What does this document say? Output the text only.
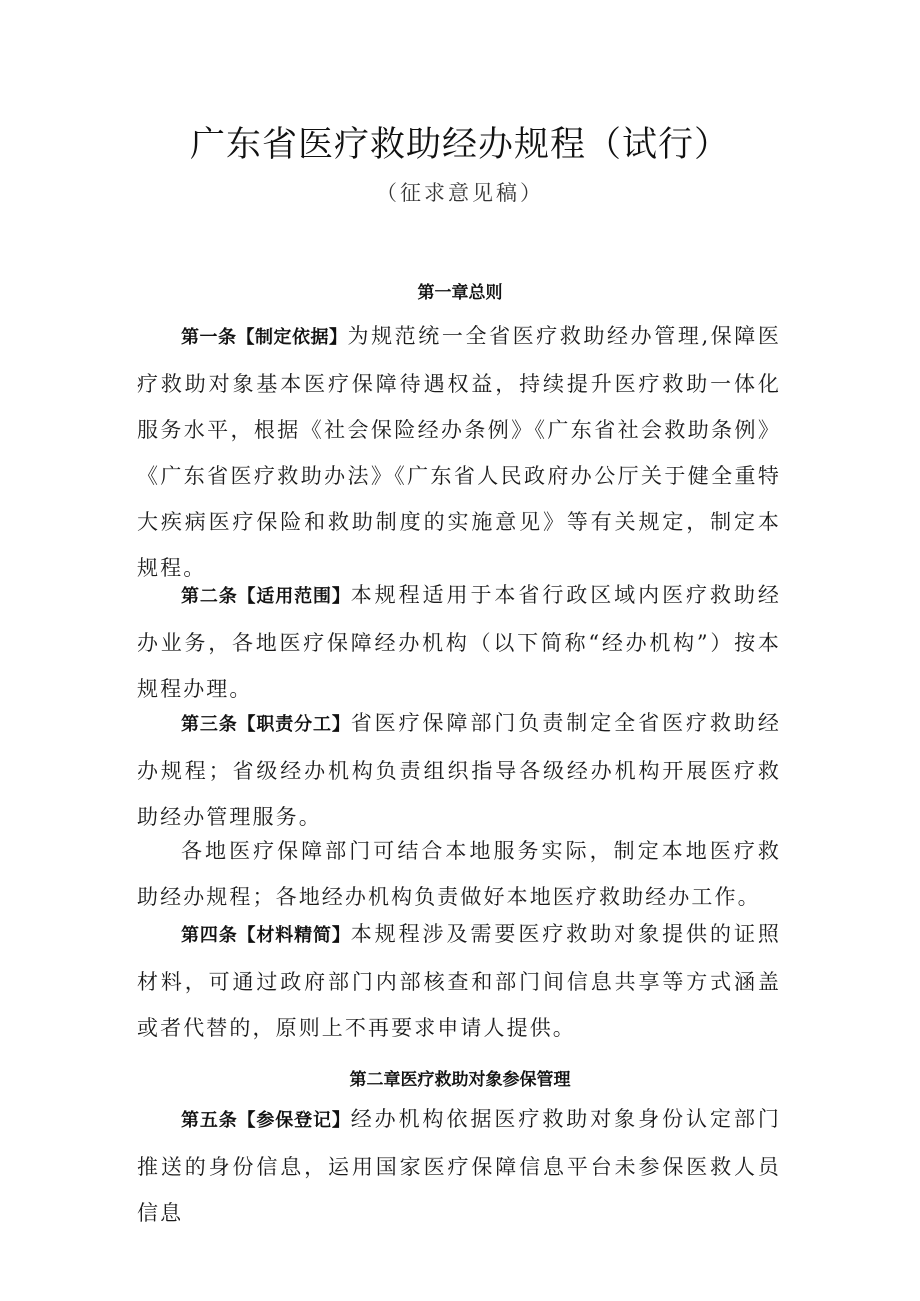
广东省医疗救助经办规程（试行）
（征求意见稿）
第一章总则

第一条【制定依据】为规范统一全省医疗救助经办管理,保障医疗救助对象基本医疗保障待遇权益，持续提升医疗救助一体化服务水平，根据《社会保险经办条例》《广东省社会救助条例》《广东省医疗救助办法》《广东省人民政府办公厅关于健全重特大疾病医疗保险和救助制度的实施意见》等有关规定，制定本规程。

第二条【适用范围】本规程适用于本省行政区域内医疗救助经办业务，各地医疗保障经办机构（以下简称“经办机构”）按本规程办理。

第三条【职责分工】省医疗保障部门负责制定全省医疗救助经办规程；省级经办机构负责组织指导各级经办机构开展医疗救助经办管理服务。

各地医疗保障部门可结合本地服务实际，制定本地医疗救助经办规程；各地经办机构负责做好本地医疗救助经办工作。

第四条【材料精简】本规程涉及需要医疗救助对象提供的证照材料，可通过政府部门内部核查和部门间信息共享等方式涵盖或者代替的，原则上不再要求申请人提供。

第二章医疗救助对象参保管理

第五条【参保登记】经办机构依据医疗救助对象身份认定部门推送的身份信息，运用国家医疗保障信息平台未参保医救人员信息
